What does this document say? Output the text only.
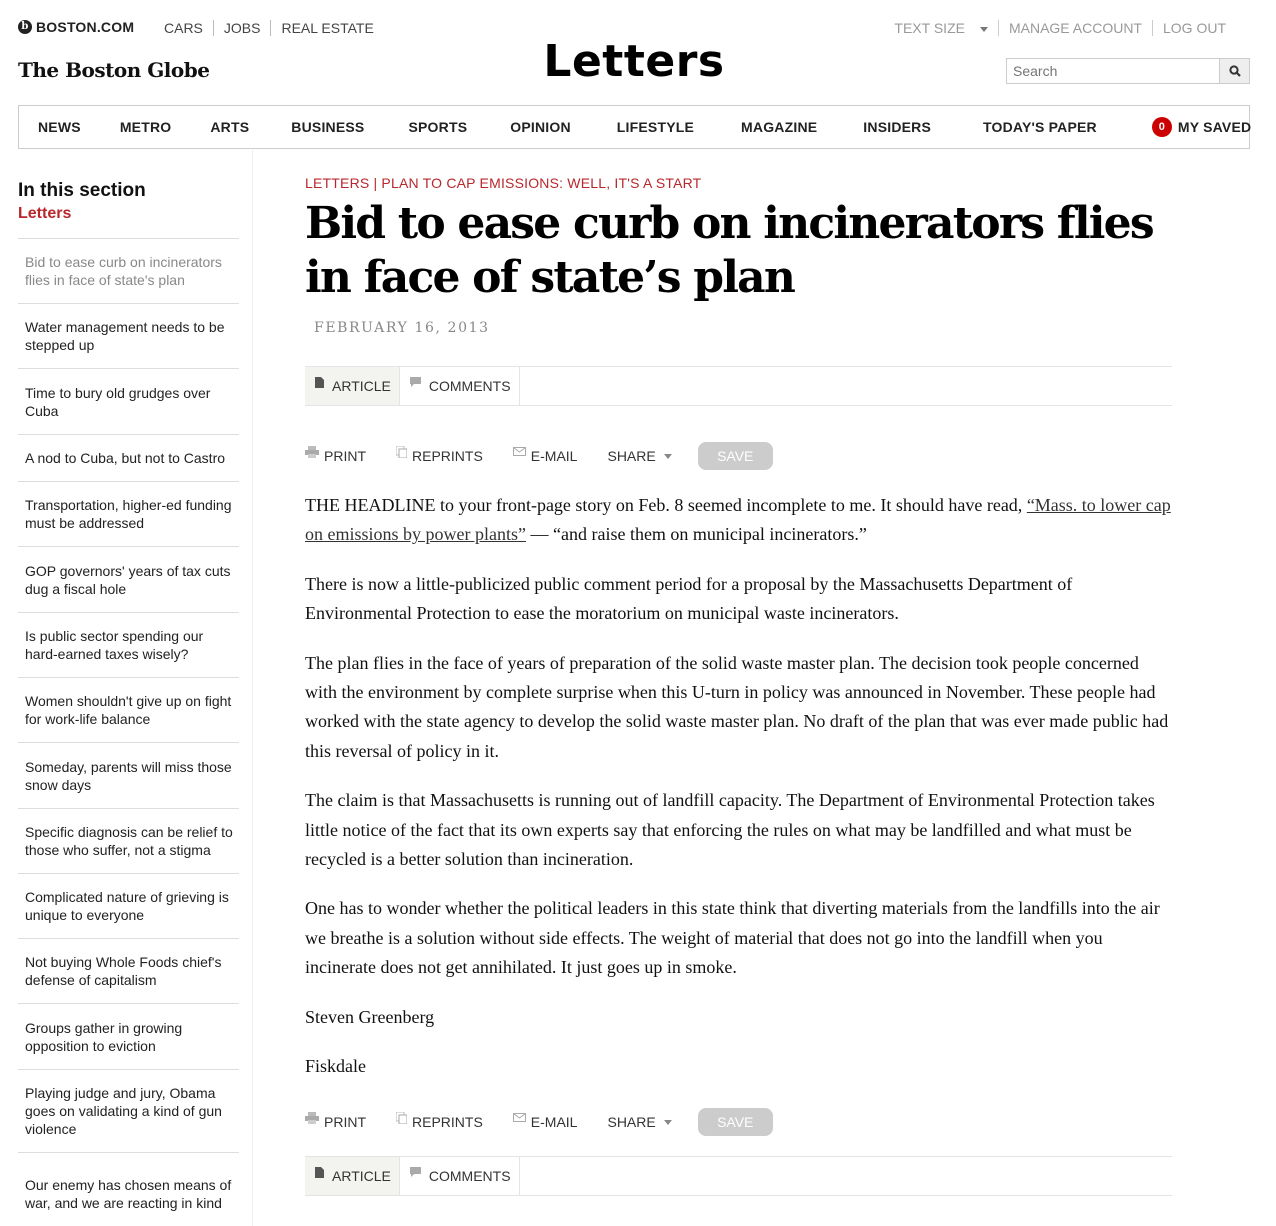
b BOSTON.COM CARS	JOBS	REAL ESTATE	TEXT SIZE	MANAGE ACCOUNT	LOG OUT
Letters
The Boston Globe
Search
NEWS	METRO	ARTS	BUSINESS	SPORTS	OPINION	LIFESTYLE	MAGAZINE	INSIDERS	TODAY'S PAPER	0 MY SAVED
In this section
Letters
Bid to ease curb on incinerators flies in face of state's plan
Water management needs to be stepped up
Time to bury old grudges over Cuba
A nod to Cuba, but not to Castro
Transportation, higher-ed funding must be addressed
GOP governors' years of tax cuts dug a fiscal hole
Is public sector spending our hard-earned taxes wisely?
Women shouldn't give up on fight for work-life balance
Someday, parents will miss those snow days
Specific diagnosis can be relief to those who suffer, not a stigma
Complicated nature of grieving is unique to everyone
Not buying Whole Foods chief's defense of capitalism
Groups gather in growing opposition to eviction
Playing judge and jury, Obama goes on validating a kind of gun violence
Our enemy has chosen means of war, and we are reacting in kind
LETTERS | PLAN TO CAP EMISSIONS: WELL, IT'S A START
Bid to ease curb on incinerators flies in face of state’s plan
FEBRUARY 16, 2013
ARTICLE	COMMENTS
PRINT	REPRINTS	E-MAIL SHARE	SAVE

THE HEADLINE to your front-page story on Feb. 8 seemed incomplete to me. It should have read, “Mass. to lower cap on emissions by power plants” — “and raise them on municipal incinerators.”

There is now a little-publicized public comment period for a proposal by the Massachusetts Department of Environmental Protection to ease the moratorium on municipal waste incinerators.

The plan flies in the face of years of preparation of the solid waste master plan. The decision took people concerned with the environment by complete surprise when this U-turn in policy was announced in November. These people had worked with the state agency to develop the solid waste master plan. No draft of the plan that was ever made public had this reversal of policy in it.

The claim is that Massachusetts is running out of landfill capacity. The Department of Environmental Protection takes little notice of the fact that its own experts say that enforcing the rules on what may be landfilled and what must be recycled is a better solution than incineration.

One has to wonder whether the political leaders in this state think that diverting materials from the landfills into the air we breathe is a solution without side effects. The weight of material that does not go into the landfill when you incinerate does not get annihilated. It just goes up in smoke.

Steven Greenberg

Fiskdale

PRINT	REPRINTS	E-MAIL SHARE	SAVE
ARTICLE	COMMENTS
